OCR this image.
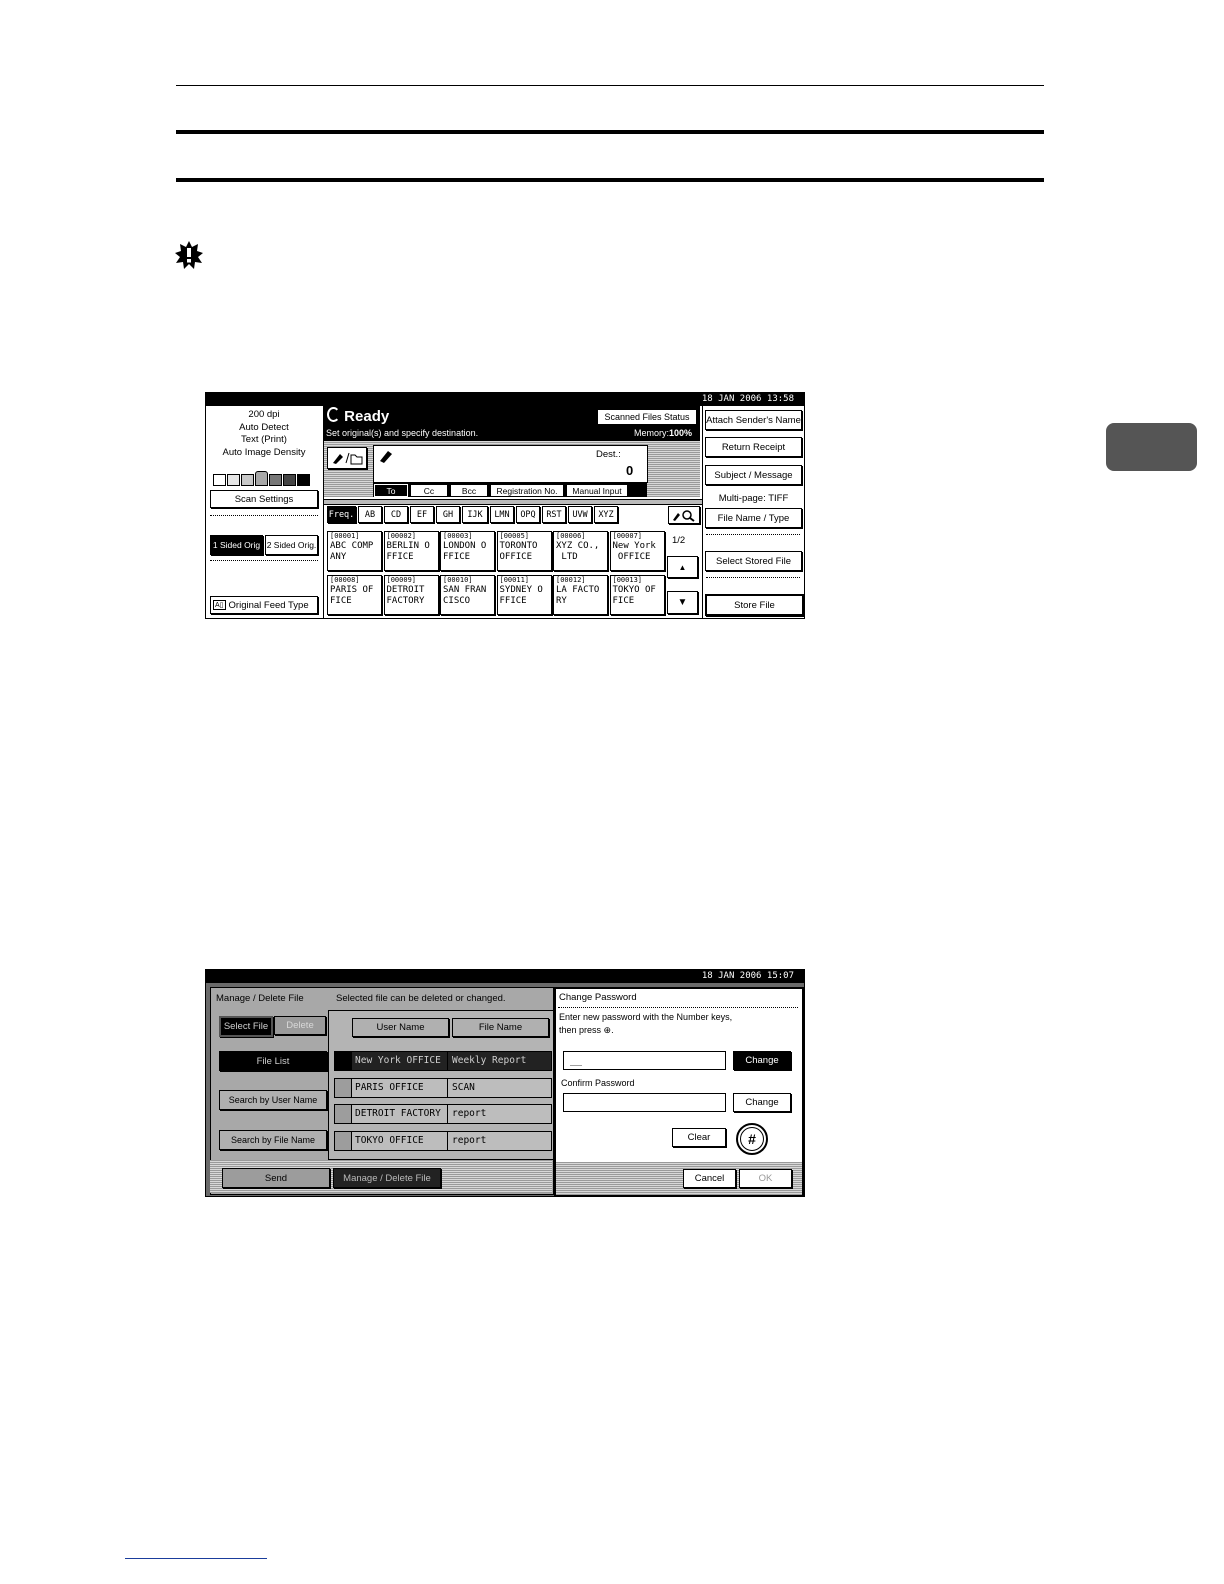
18 JAN 2006 13:58
200 dpi
Auto Detect
Text (Print)
Auto Image Density
Scan Settings
1 Sided Orig 2 Sided Orig.
A▯ Original Feed Type
Ready
Set original(s) and specify destination.
Scanned Files Status
Memory:100%
Dest.:
0
1/2
▲
▼
Attach Sender's Name
Return Receipt
Subject / Message
Multi-page: TIFF
File Name / Type
Select Stored File
Store File
To	Cc	Bcc	Registration No.	Manual Input
Freq.	AB	CD	EF	GH	IJK	LMN	OPQ	RST	UVW	XYZ
[00001]
ABC COMP
ANY
[00002]
BERLIN O
FFICE
[00003]
LONDON O
FFICE
[00005]
TORONTO
OFFICE
[00006]
XYZ CO.,
LTD
[00007]
New York
OFFICE
[00008]
PARIS OF
FICE
[00009]
DETROIT
FACTORY
[00010]
SAN FRAN
CISCO
[00011]
SYDNEY O
FFICE
[00012]
LA FACTO
RY
[00013]
TOKYO OF
FICE
18 JAN 2006 15:07
Manage / Delete File	Selected file can be deleted or changed.
Select File	Delete
File List
Search by User Name
Search by File Name
User Name	File Name
Send	Manage / Delete File
Change Password
Enter new password with the Number keys,
then press ⊕.
__	Change
Confirm Password
Change
Clear	#
Cancel	OK
New York OFFICE	Weekly Report
PARIS OFFICE	SCAN
DETROIT FACTORY	report
TOKYO OFFICE	report
